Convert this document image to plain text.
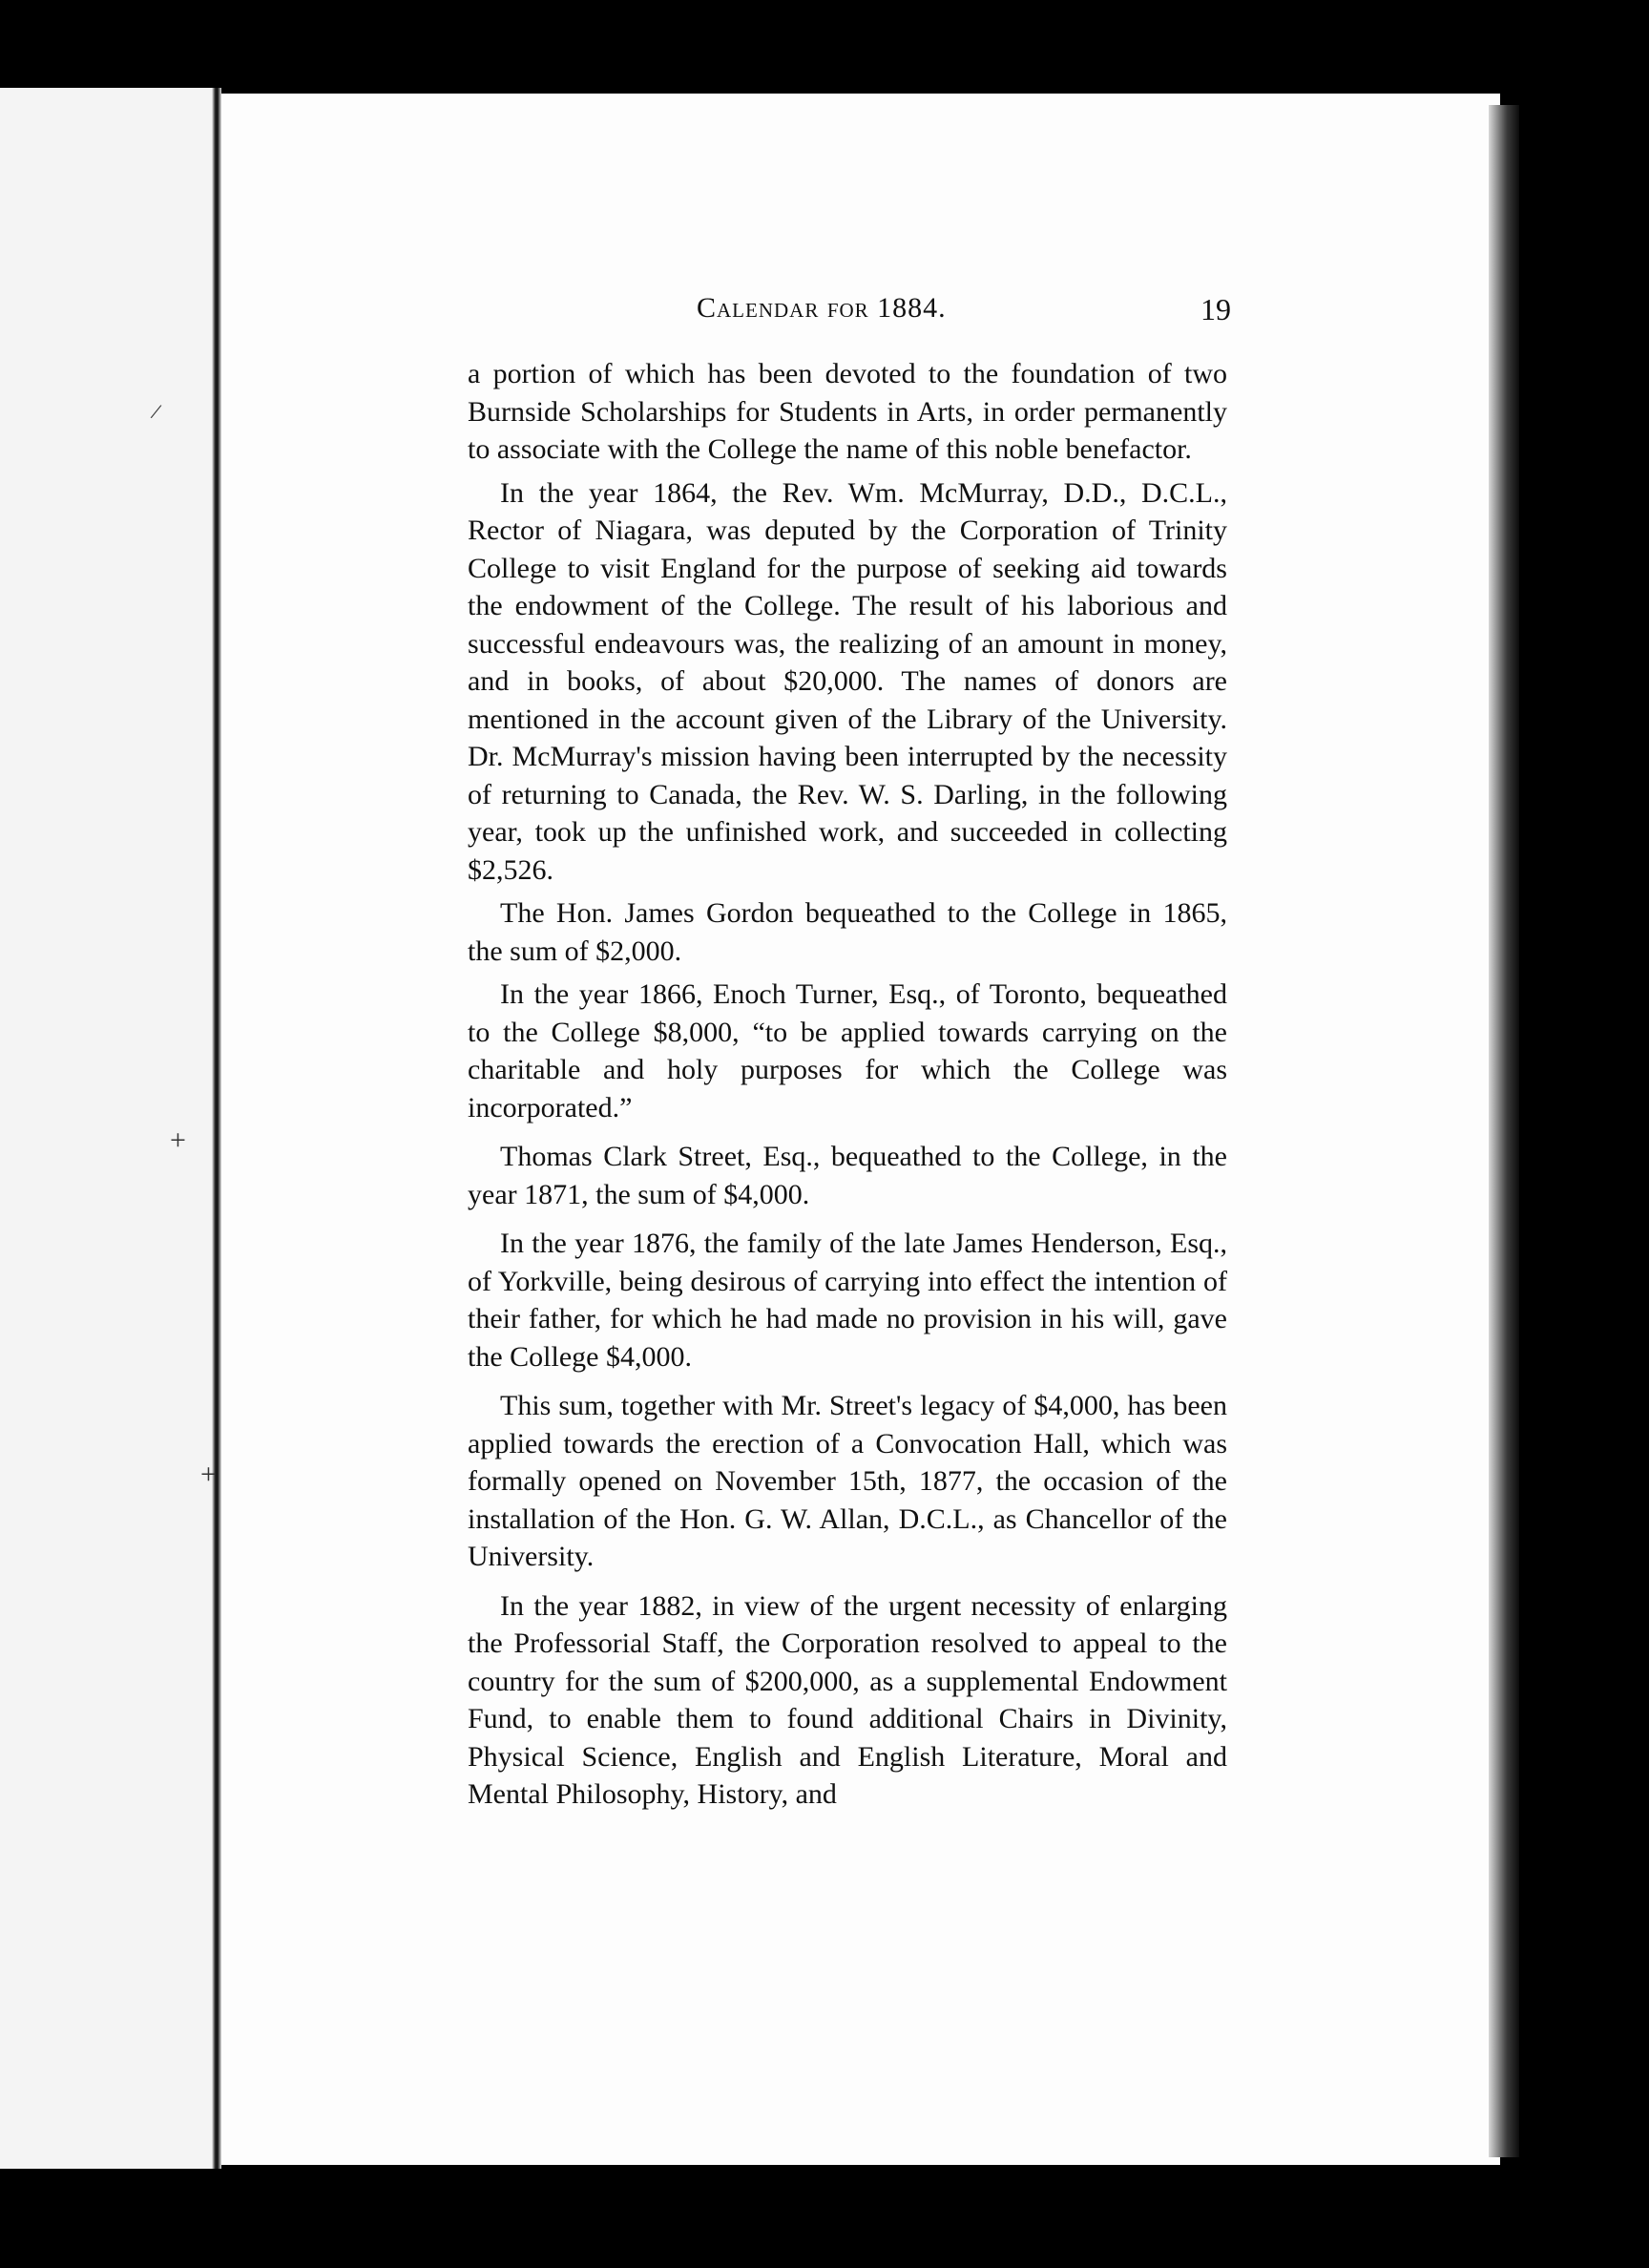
/
+
+
Calendar for 1884.	19

a portion of which has been devoted to the foundation of two Burnside Scholarships for Students in Arts, in order permanently to associate with the College the name of this noble benefactor.

In the year 1864, the Rev. Wm. McMurray, D.D., D.C.L., Rector of Niagara, was deputed by the Corporation of Trinity College to visit England for the purpose of seeking aid towards the endowment of the College. The result of his laborious and successful endeavours was, the realizing of an amount in money, and in books, of about $20,000. The names of donors are mentioned in the account given of the Library of the University. Dr. McMurray's mission having been interrupted by the necessity of returning to Canada, the Rev. W. S. Darling, in the following year, took up the unfinished work, and succeeded in collecting $2,526.

The Hon. James Gordon bequeathed to the College in 1865, the sum of $2,000.

In the year 1866, Enoch Turner, Esq., of Toronto, bequeathed to the College $8,000, “to be applied towards carrying on the charitable and holy purposes for which the College was incorporated.”

Thomas Clark Street, Esq., bequeathed to the College, in the year 1871, the sum of $4,000.

In the year 1876, the family of the late James Henderson, Esq., of Yorkville, being desirous of carrying into effect the intention of their father, for which he had made no provision in his will, gave the College $4,000.

This sum, together with Mr. Street's legacy of $4,000, has been applied towards the erection of a Convocation Hall, which was formally opened on November 15th, 1877, the occasion of the installation of the Hon. G. W. Allan, D.C.L., as Chancellor of the University.

In the year 1882, in view of the urgent necessity of enlarging the Professorial Staff, the Corporation resolved to appeal to the country for the sum of $200,000, as a supplemental Endowment Fund, to enable them to found additional Chairs in Divinity, Physical Science, English and English Literature, Moral and Mental Philosophy, History, and
